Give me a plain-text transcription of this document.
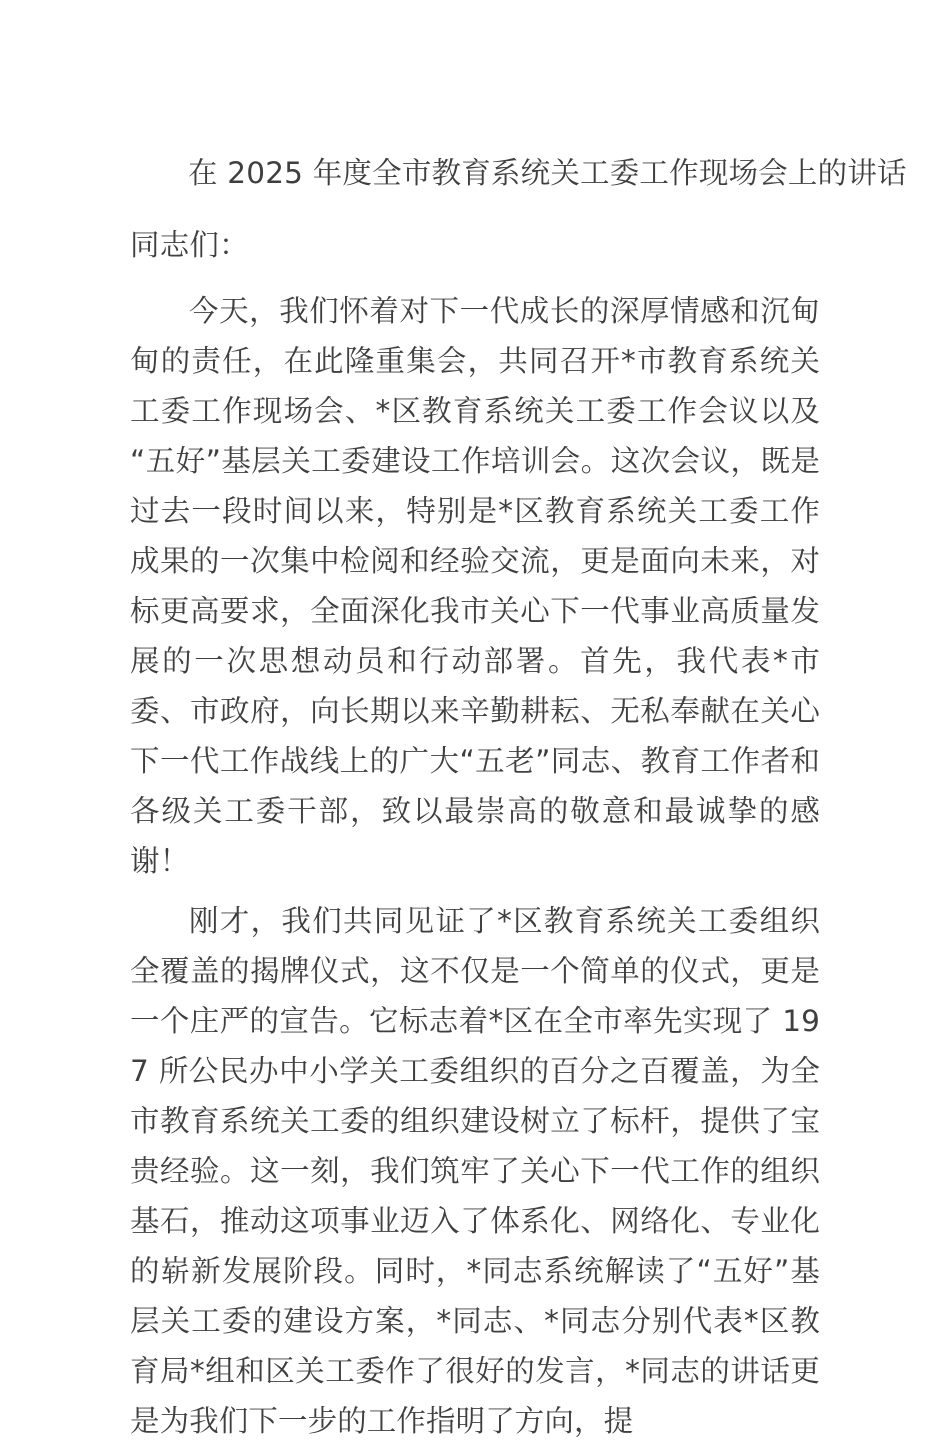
在 2025 年度全市教育系统关工委工作现场会上的讲话

同志们：

今天，我们怀着对下一代成长的深厚情感和沉甸甸的责任，在此隆重集会，共同召开*市教育系统关工委工作现场会、*区教育系统关工委工作会议以及“五好”基层关工委建设工作培训会。这次会议，既是过去一段时间以来，特别是*区教育系统关工委工作成果的一次集中检阅和经验交流，更是面向未来，对标更高要求，全面深化我市关心下一代事业高质量发展的一次思想动员和行动部署。首先，我代表*市委、市政府，向长期以来辛勤耕耘、无私奉献在关心下一代工作战线上的广大“五老”同志、教育工作者和各级关工委干部，致以最崇高的敬意和最诚挚的感谢！

刚才，我们共同见证了*区教育系统关工委组织全覆盖的揭牌仪式，这不仅是一个简单的仪式，更是一个庄严的宣告。它标志着*区在全市率先实现了 197 所公民办中小学关工委组织的百分之百覆盖，为全市教育系统关工委的组织建设树立了标杆，提供了宝贵经验。这一刻，我们筑牢了关心下一代工作的组织基石，推动这项事业迈入了体系化、网络化、专业化的崭新发展阶段。同时，*同志系统解读了“五好”基层关工委的建设方案，*同志、*同志分别代表*区教育局*组和区关工委作了很好的发言，*同志的讲话更是为我们下一步的工作指明了方向，提
